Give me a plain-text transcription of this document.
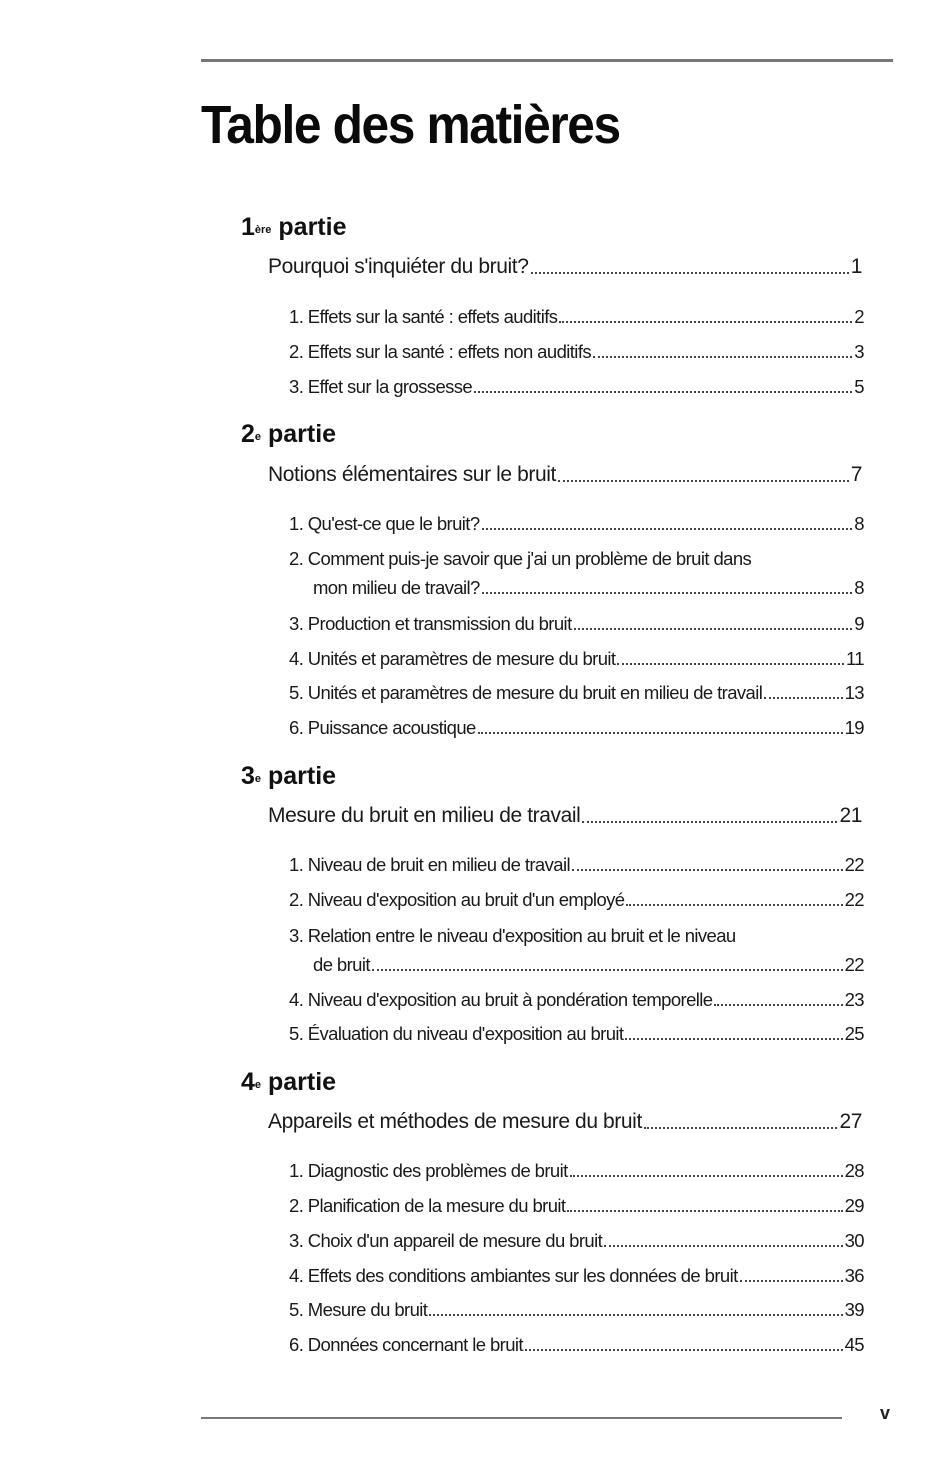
Table des matières
1ère partie
Pourquoi s'inquiéter du bruit?	1
1. Effets sur la santé : effets auditifs	2
2. Effets sur la santé : effets non auditifs	3
3. Effet sur la grossesse	5
2e partie
Notions élémentaires sur le bruit	7
1. Qu'est-ce que le bruit?	8
2. Comment puis-je savoir que j'ai un problème de bruit dans
mon milieu de travail?	8
3. Production et transmission du bruit	9
4. Unités et paramètres de mesure du bruit	11
5. Unités et paramètres de mesure du bruit en milieu de travail	13
6. Puissance acoustique	19
3e partie
Mesure du bruit en milieu de travail	21
1. Niveau de bruit en milieu de travail	22
2. Niveau d'exposition au bruit d'un employé	22
3. Relation entre le niveau d'exposition au bruit et le niveau
de bruit	22
4. Niveau d'exposition au bruit à pondération temporelle	23
5. Évaluation du niveau d'exposition au bruit	25
4e partie
Appareils et méthodes de mesure du bruit	27
1. Diagnostic des problèmes de bruit	28
2. Planification de la mesure du bruit	29
3. Choix d'un appareil de mesure du bruit	30
4. Effets des conditions ambiantes sur les données de bruit	36
5. Mesure du bruit	39
6. Données concernant le bruit	45
v
